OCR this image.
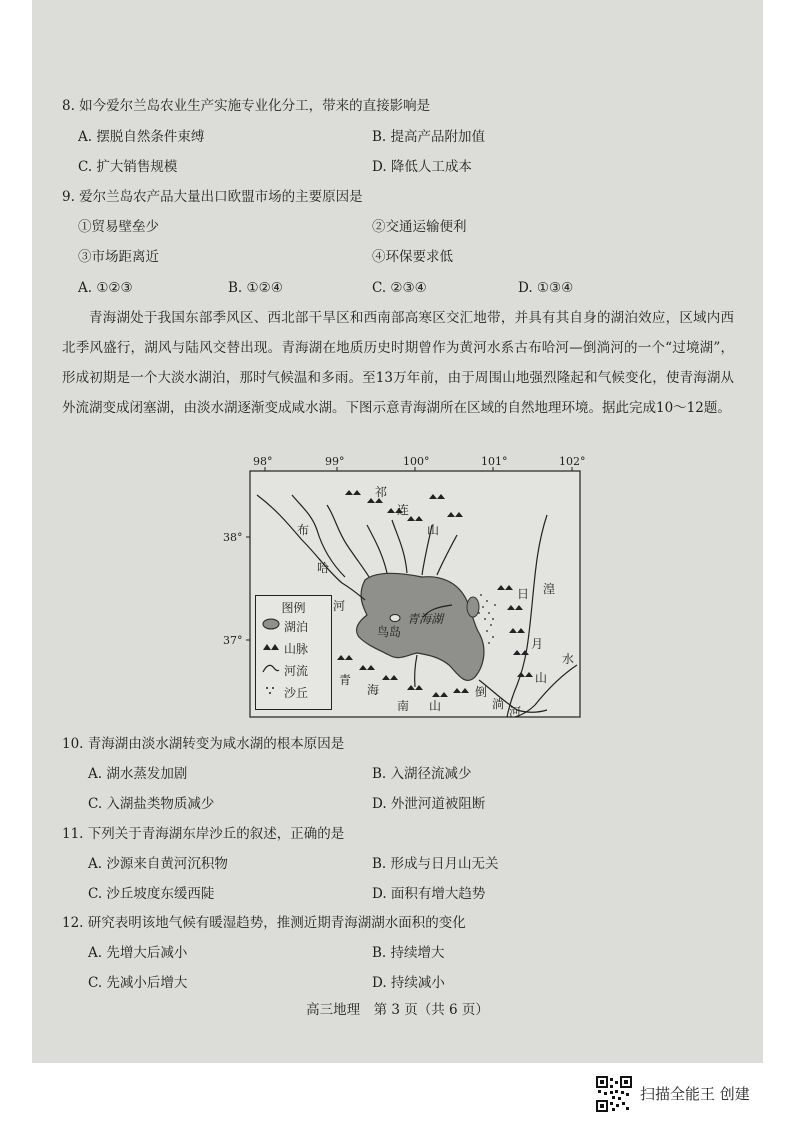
8. 如今爱尔兰岛农业生产实施专业化分工，带来的直接影响是
A. 摆脱自然条件束缚	B. 提高产品附加值
C. 扩大销售规模	D. 降低人工成本
9. 爱尔兰岛农产品大量出口欧盟市场的主要原因是
①贸易壁垒少	②交通运输便利
③市场距离近	④环保要求低
A. ①②③	B. ①②④	C. ②③④	D. ①③④
青海湖处于我国东部季风区、西北部干旱区和西南部高寒区交汇地带，并具有其自身的湖泊效应，区域内西北季风盛行，湖风与陆风交替出现。青海湖在地质历史时期曾作为黄河水系古布哈河—倒淌河的一个“过境湖”，形成初期是一个大淡水湖泊，那时气候温和多雨。至13万年前，由于周围山地强烈隆起和气候变化，使青海湖从外流湖变成闭塞湖，由淡水湖逐渐变成咸水湖。下图示意青海湖所在区域的自然地理环境。据此完成10～12题。
98°	99°	100°	101°	102°
38°
37°
祁
连
山
布
哈
河
青海湖
鸟岛
日
月
山
湟
水
青
海
南 山
倒
淌
河
图例
湖泊
山脉
河流
沙丘
10. 青海湖由淡水湖转变为咸水湖的根本原因是
A. 湖水蒸发加剧	B. 入湖径流减少
C. 入湖盐类物质减少	D. 外泄河道被阻断
11. 下列关于青海湖东岸沙丘的叙述，正确的是
A. 沙源来自黄河沉积物	B. 形成与日月山无关
C. 沙丘坡度东缓西陡	D. 面积有增大趋势
12. 研究表明该地气候有暖湿趋势，推测近期青海湖湖水面积的变化
A. 先增大后减小	B. 持续增大
C. 先减小后增大	D. 持续减小
高三地理　第 3 页（共 6 页）
扫描全能王 创建
